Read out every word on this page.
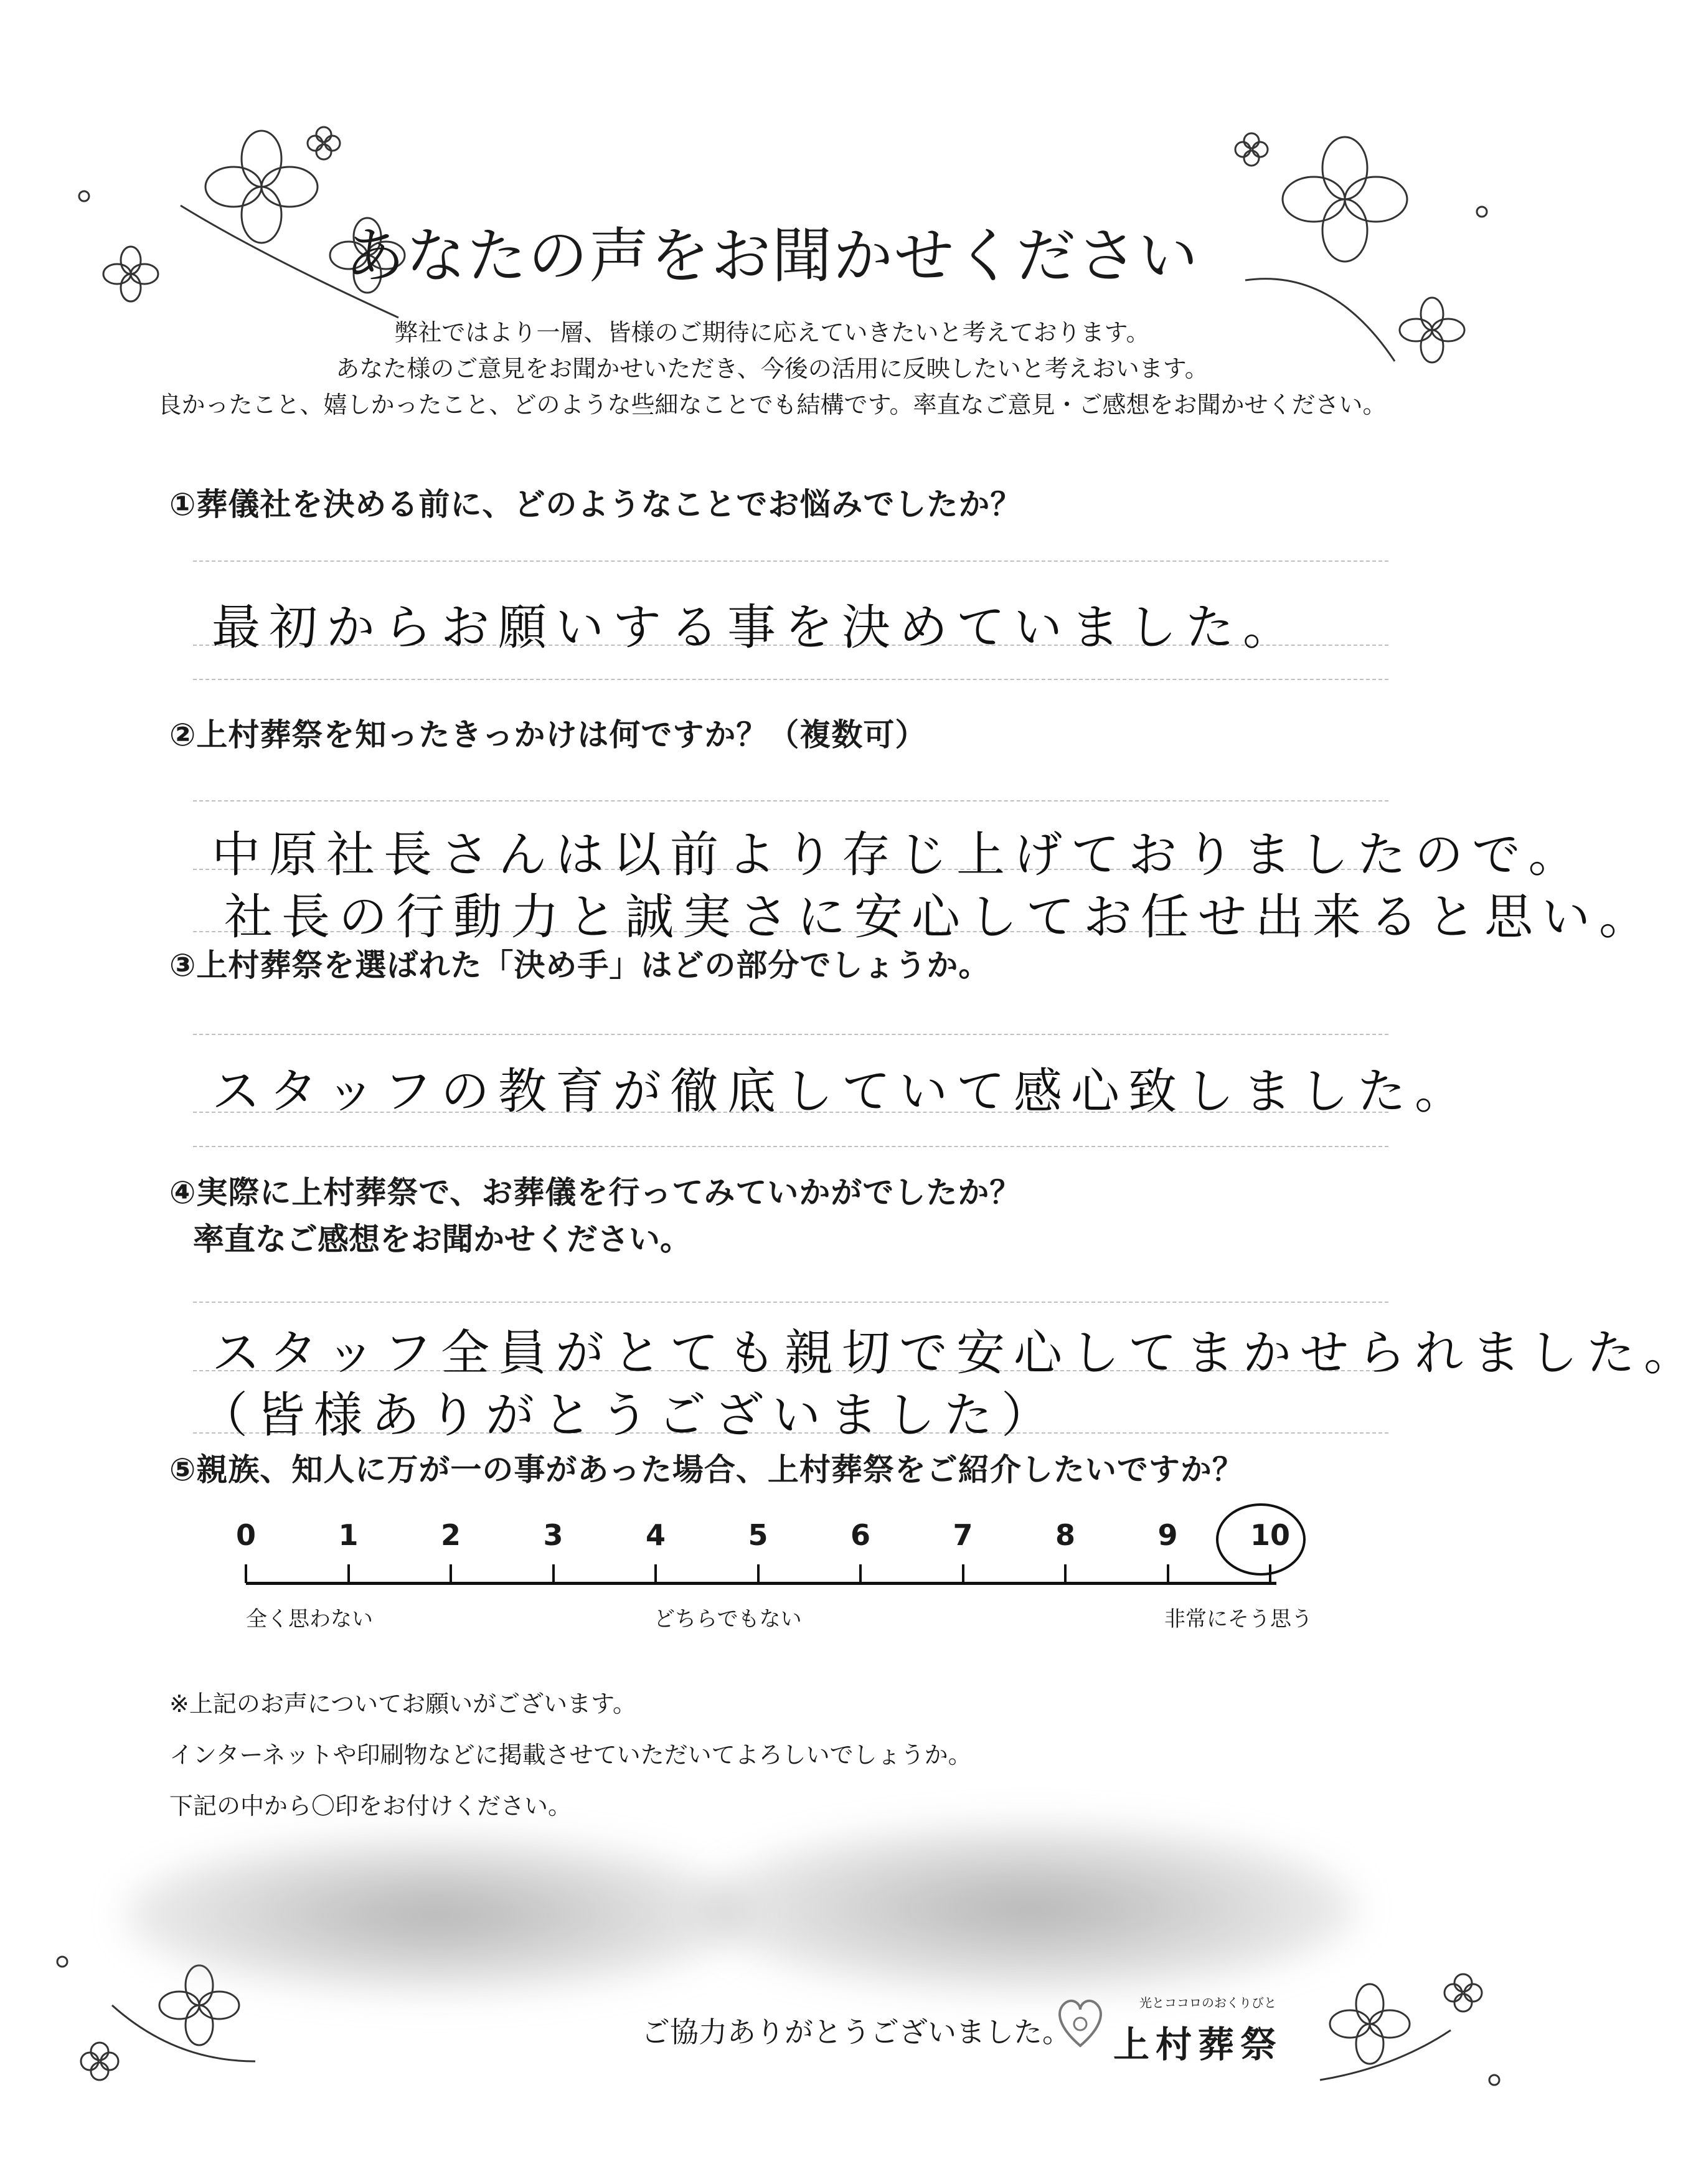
あなたの声をお聞かせください
弊社ではより一層、皆様のご期待に応えていきたいと考えております。
あなた様のご意見をお聞かせいただき、今後の活用に反映したいと考えおいます。
良かったこと、嬉しかったこと、どのような些細なことでも結構です。率直なご意見・ご感想をお聞かせください。
①葬儀社を決める前に、どのようなことでお悩みでしたか？
最初からお願いする事を決めていました。
②上村葬祭を知ったきっかけは何ですか？（複数可）
中原社長さんは以前より存じ上げておりましたので。
社長の行動力と誠実さに安心してお任せ出来ると思い。
③上村葬祭を選ばれた「決め手」はどの部分でしょうか。
スタッフの教育が徹底していて感心致しました。
④実際に上村葬祭で、お葬儀を行ってみていかがでしたか？
率直なご感想をお聞かせください。
スタッフ全員がとても親切で安心してまかせられました。
（皆様ありがとうございました）
⑤親族、知人に万が一の事があった場合、上村葬祭をご紹介したいですか？
0	1	2	3	4	5	6	7	8	9	10
全く思わない	どちらでもない	非常にそう思う
※上記のお声についてお願いがございます。
インターネットや印刷物などに掲載させていただいてよろしいでしょうか。
下記の中から〇印をお付けください。
ご協力ありがとうございました。
光とココロのおくりびと
上村葬祭
